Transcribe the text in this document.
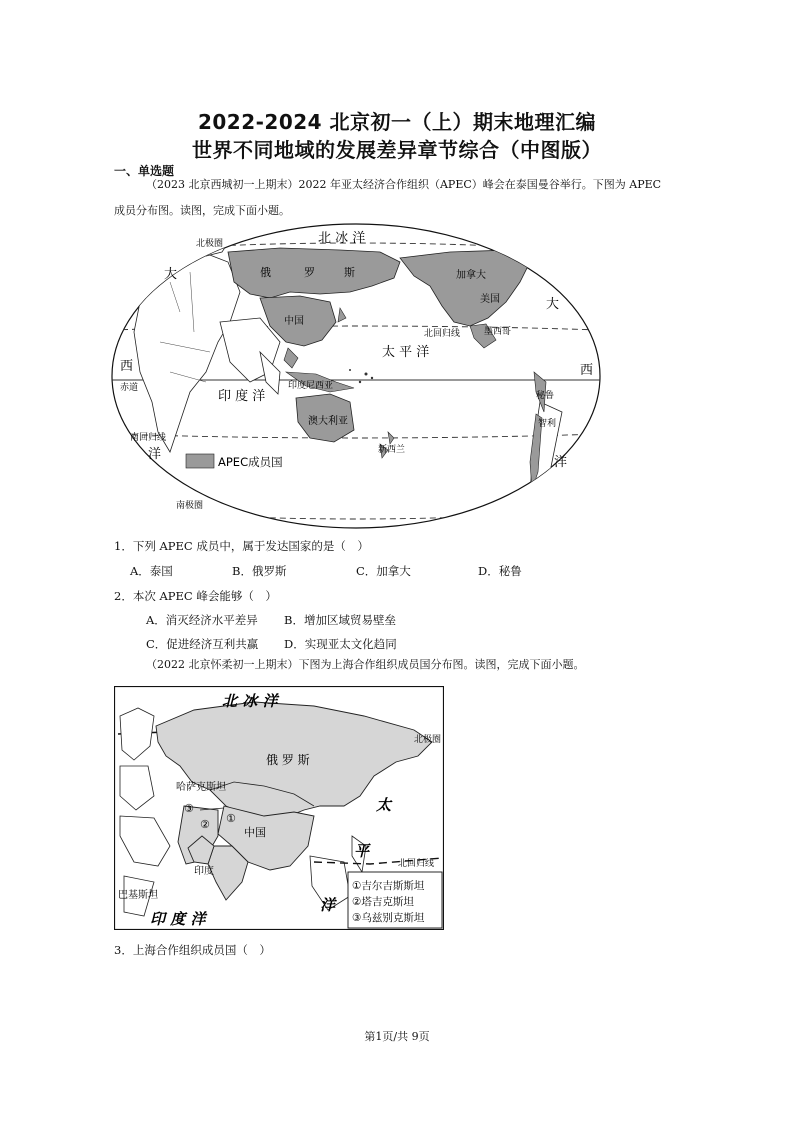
2022-2024 北京初一（上）期末地理汇编
世界不同地域的发展差异章节综合（中图版）
一、单选题
（2023 北京西城初一上期末）2022 年亚太经济合作组织（APEC）峰会在泰国曼谷举行。下图为 APEC
成员分布图。读图，完成下面小题。
北 冰 洋
太 平 洋
印 度 洋
大
西
洋
大
西
洋
北极圈
北回归线
赤道
南回归线
南极圈
俄	罗	斯	加拿大
美国
中国
墨西哥
印度尼西亚
澳大利亚
新西兰
秘鲁
智利
APEC成员国
1．下列 APEC 成员中，属于发达国家的是（　）
A．泰国	B．俄罗斯	C．加拿大	D．秘鲁
2．本次 APEC 峰会能够（　）
A．消灭经济水平差异 B．增加区域贸易壁垒
C．促进经济互利共赢 D．实现亚太文化趋同
（2022 北京怀柔初一上期末）下图为上海合作组织成员国分布图。读图，完成下面小题。
北 冰 洋
太
平
洋
印 度 洋
俄 罗 斯
哈萨克斯坦
中国
印度
巴基斯坦
①
②
③
北极圈
北回归线
①吉尔吉斯斯坦
②塔吉克斯坦
③乌兹别克斯坦
3．上海合作组织成员国（　）
第1页/共 9页
